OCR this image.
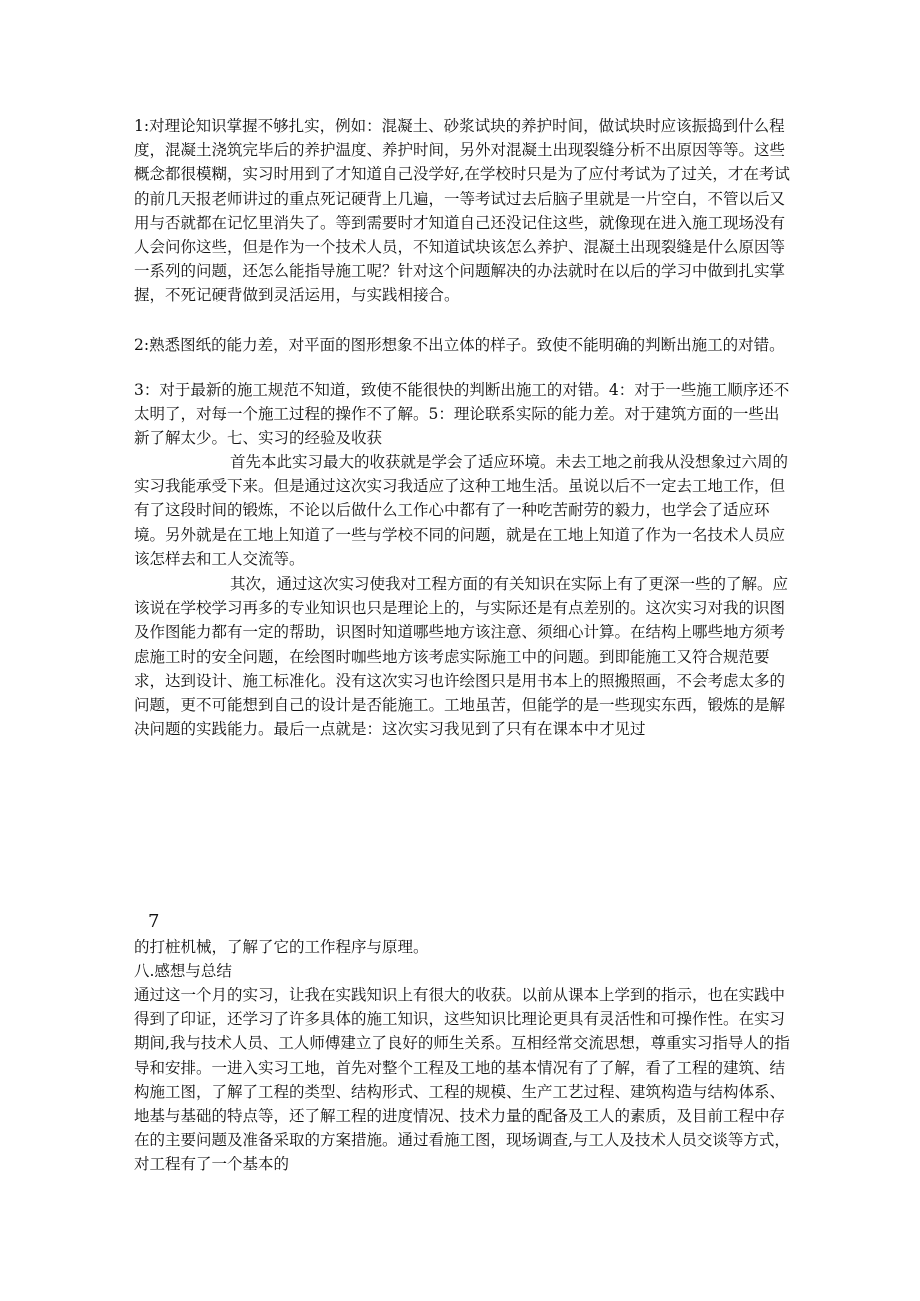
1:对理论知识掌握不够扎实，例如：混凝土、砂浆试块的养护时间，做试块时应该振捣到什么程度，混凝土浇筑完毕后的养护温度、养护时间，另外对混凝土出现裂缝分析不出原因等等。这些概念都很模糊，实习时用到了才知道自己没学好,在学校时只是为了应付考试为了过关，才在考试的前几天报老师讲过的重点死记硬背上几遍，一等考试过去后脑子里就是一片空白，不管以后又用与否就都在记忆里消失了。等到需要时才知道自己还没记住这些，就像现在进入施工现场没有人会问你这些，但是作为一个技术人员，不知道试块该怎么养护、混凝土出现裂缝是什么原因等一系列的问题，还怎么能指导施工呢？针对这个问题解决的办法就时在以后的学习中做到扎实掌握，不死记硬背做到灵活运用，与实践相接合。

2:熟悉图纸的能力差，对平面的图形想象不出立体的样子。致使不能明确的判断出施工的对错。

3：对于最新的施工规范不知道，致使不能很快的判断出施工的对错。4：对于一些施工顺序还不太明了，对每一个施工过程的操作不了解。5：理论联系实际的能力差。对于建筑方面的一些出新了解太少。七、实习的经验及收获

首先本此实习最大的收获就是学会了适应环境。未去工地之前我从没想象过六周的实习我能承受下来。但是通过这次实习我适应了这种工地生活。虽说以后不一定去工地工作，但有了这段时间的锻炼，不论以后做什么工作心中都有了一种吃苦耐劳的毅力，也学会了适应环境。另外就是在工地上知道了一些与学校不同的问题，就是在工地上知道了作为一名技术人员应该怎样去和工人交流等。

其次，通过这次实习使我对工程方面的有关知识在实际上有了更深一些的了解。应该说在学校学习再多的专业知识也只是理论上的，与实际还是有点差别的。这次实习对我的识图及作图能力都有一定的帮助，识图时知道哪些地方该注意、须细心计算。在结构上哪些地方须考虑施工时的安全问题，在绘图时咖些地方该考虑实际施工中的问题。到即能施工又符合规范要求，达到设计、施工标准化。没有这次实习也许绘图只是用书本上的照搬照画，不会考虑太多的问题，更不可能想到自己的设计是否能施工。工地虽苦，但能学的是一些现实东西，锻炼的是解决问题的实践能力。最后一点就是：这次实习我见到了只有在课本中才见过

7

的打桩机械，了解了它的工作程序与原理。

八.感想与总结

通过这一个月的实习，让我在实践知识上有很大的收获。以前从课本上学到的指示，也在实践中得到了印证，还学习了许多具体的施工知识，这些知识比理论更具有灵活性和可操作性。在实习期间,我与技术人员、工人师傅建立了良好的师生关系。互相经常交流思想，尊重实习指导人的指导和安排。一进入实习工地，首先对整个工程及工地的基本情况有了了解，看了工程的建筑、结构施工图，了解了工程的类型、结构形式、工程的规模、生产工艺过程、建筑构造与结构体系、地基与基础的特点等，还了解工程的进度情况、技术力量的配备及工人的素质，及目前工程中存在的主要问题及准备采取的方案措施。通过看施工图，现场调查,与工人及技术人员交谈等方式，对工程有了一个基本的
